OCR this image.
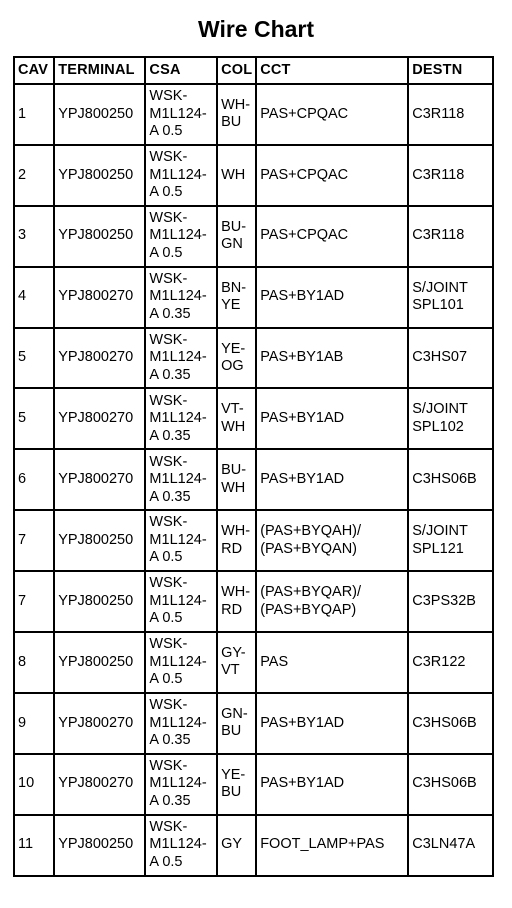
Wire Chart
CAV	TERMINAL	CSA	COL	CCT	DESTN
1	YPJ800250	WSK-
M1L124-
A 0.5	WH-
BU	PAS+CPQAC	C3R118
2	YPJ800250	WSK-
M1L124-
A 0.5	WH	PAS+CPQAC	C3R118
3	YPJ800250	WSK-
M1L124-
A 0.5	BU-
GN	PAS+CPQAC	C3R118
4	YPJ800270	WSK-
M1L124-
A 0.35	BN-
YE	PAS+BY1AD	S/JOINT
SPL101
5	YPJ800270	WSK-
M1L124-
A 0.35	YE-
OG	PAS+BY1AB	C3HS07
5	YPJ800270	WSK-
M1L124-
A 0.35	VT-
WH	PAS+BY1AD	S/JOINT
SPL102
6	YPJ800270	WSK-
M1L124-
A 0.35	BU-
WH	PAS+BY1AD	C3HS06B
7	YPJ800250	WSK-
M1L124-
A 0.5	WH-
RD	(PAS+BYQAH)/
(PAS+BYQAN)	S/JOINT
SPL121
7	YPJ800250	WSK-
M1L124-
A 0.5	WH-
RD	(PAS+BYQAR)/
(PAS+BYQAP)	C3PS32B
8	YPJ800250	WSK-
M1L124-
A 0.5	GY-
VT	PAS	C3R122
9	YPJ800270	WSK-
M1L124-
A 0.35	GN-
BU	PAS+BY1AD	C3HS06B
10	YPJ800270	WSK-
M1L124-
A 0.35	YE-
BU	PAS+BY1AD	C3HS06B
11	YPJ800250	WSK-
M1L124-
A 0.5	GY	FOOT_LAMP+PAS	C3LN47A
